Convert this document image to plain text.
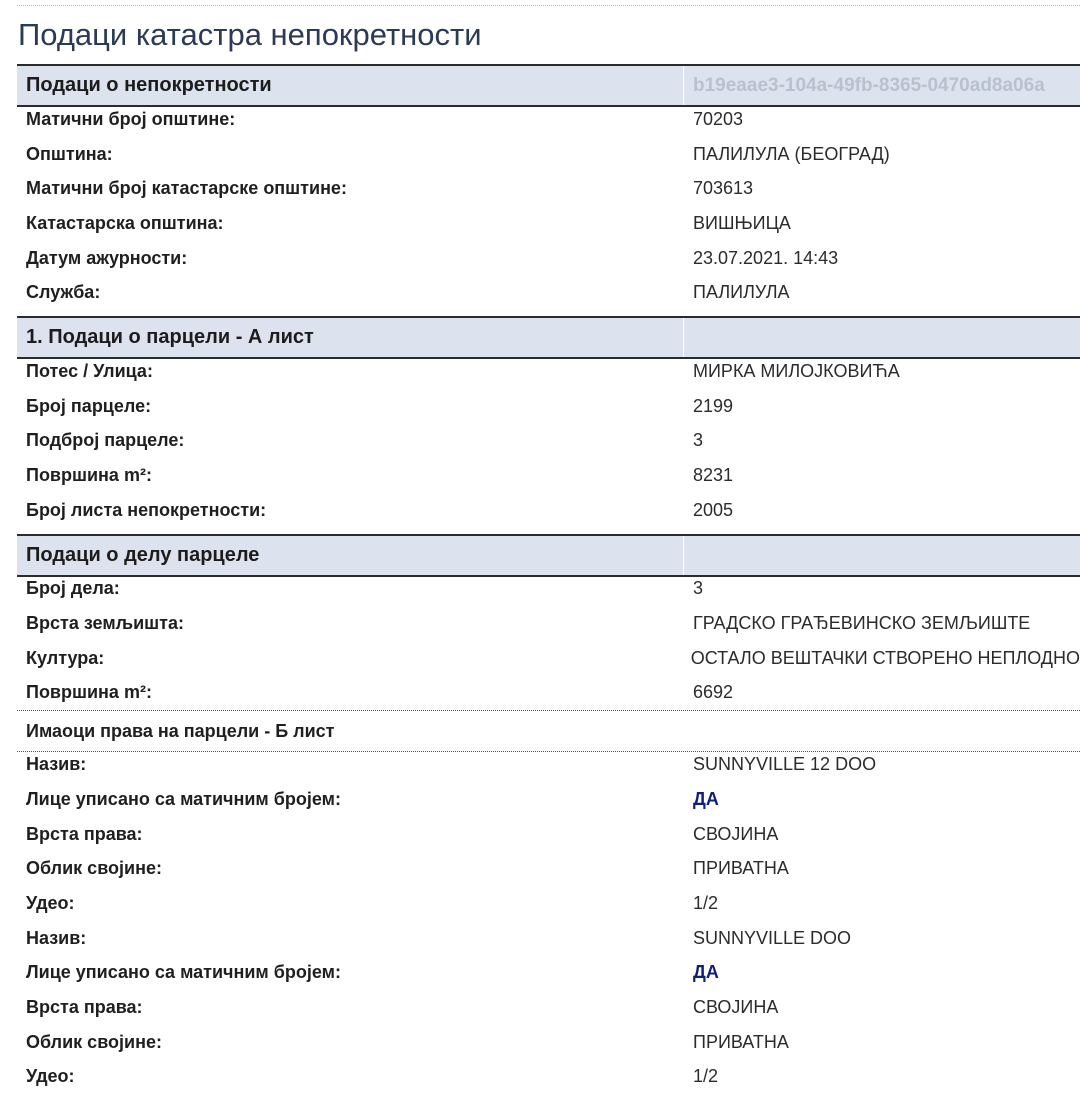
Подаци катастра непокретности
Подаци о непокретности	b19eaae3-104a-49fb-8365-0470ad8a06a
Матични број општине:	70203
Општина:	ПАЛИЛУЛА (БЕОГРАД)
Матични број катастарске општине:	703613
Катастарска општина:	ВИШЊИЦА
Датум ажурности:	23.07.2021. 14:43
Служба:	ПАЛИЛУЛА
1. Подаци о парцели - А лист
Потес / Улица:	МИРКА МИЛОЈКОВИЋА
Број парцеле:	2199
Подброј парцеле:	3
Површина m²:	8231
Број листа непокретности:	2005
Подаци о делу парцеле
Број дела:	3
Врста земљишта:	ГРАДСКО ГРАЂЕВИНСКО ЗЕМЉИШТЕ
Култура:	ОСТАЛО ВЕШТАЧКИ СТВОРЕНО НЕПЛОДНО
Површина m²:	6692
Имаоци права на парцели - Б лист
Назив:	SUNNYVILLE 12 DOO
Лице уписано са матичним бројем:	ДА
Врста права:	СВОЈИНА
Облик својине:	ПРИВАТНА
Удео:	1/2
Назив:	SUNNYVILLE DOO
Лице уписано са матичним бројем:	ДА
Врста права:	СВОЈИНА
Облик својине:	ПРИВАТНА
Удео:	1/2
